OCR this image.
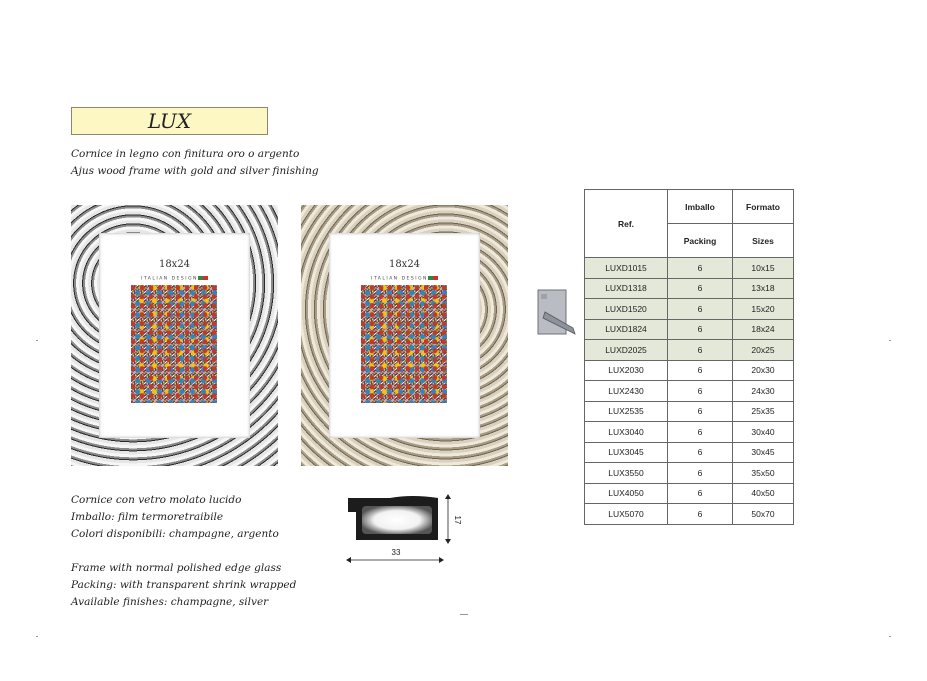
LUX
Cornice in legno con finitura oro o argento
Ajus wood frame with gold and silver finishing
18x24
ITALIAN DESIGN
18x24
ITALIAN DESIGN
Cornice con vetro molato lucido
Imballo: film termoretraibile
Colori disponibili: champagne, argento
Frame with normal polished edge glass
Packing: with transparent shrink wrapped
Available finishes: champagne, silver
33
17
Ref.	Imballo	Formato
	Packing	Sizes
LUXD1015	6	10x15
LUXD1318	6	13x18
LUXD1520	6	15x20
LUXD1824	6	18x24
LUXD2025	6	20x25
LUX2030	6	20x30
LUX2430	6	24x30
LUX2535	6	25x35
LUX3040	6	30x40
LUX3045	6	30x45
LUX3550	6	35x50
LUX4050	6	40x50
LUX5070	6	50x70
